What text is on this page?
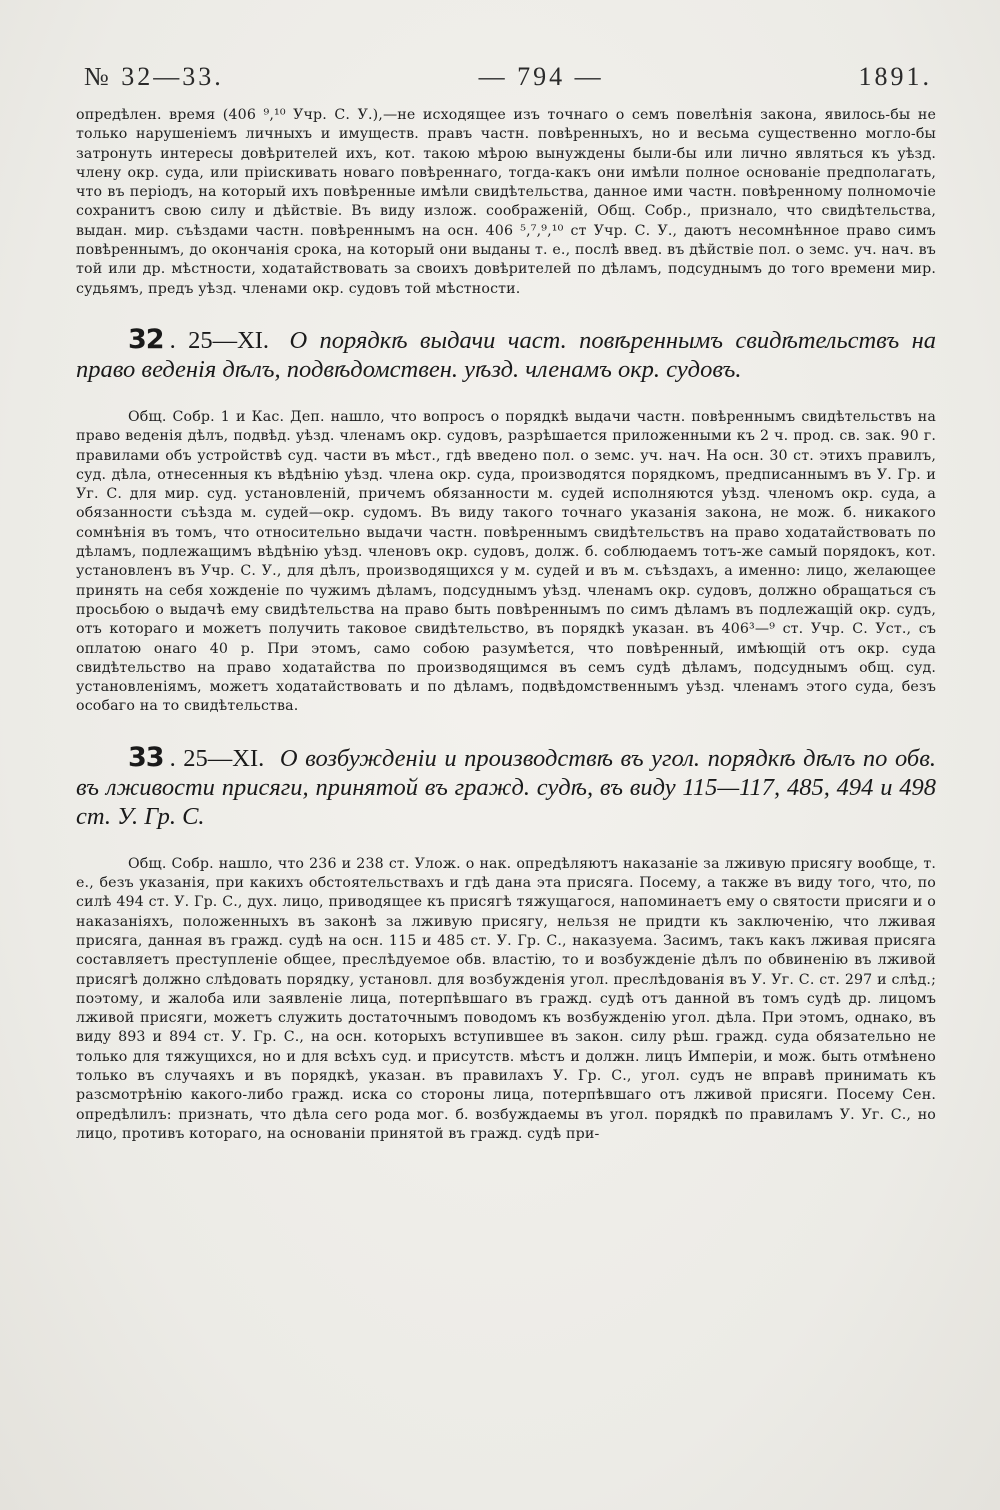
№ 32—33.	— 794 —	1891.

опредѣлен. время (406 ⁹,¹⁰ Учр. С. У.),—не исходящее изъ точнаго о семъ повелѣнія закона, явилось-бы не только нарушеніемъ личныхъ и имуществ. правъ частн. повѣренныхъ, но и весьма существенно могло-бы затронуть интересы довѣрителей ихъ, кот. такою мѣрою вынуждены были-бы или лично являться къ уѣзд. члену окр. суда, или пріискивать новаго повѣреннаго, тогда-какъ они имѣли полное основаніе предполагать, что въ періодъ, на который ихъ повѣренные имѣли свидѣтельства, данное ими частн. повѣренному полномочіе сохранитъ свою силу и дѣйствіе. Въ виду излож. соображеній, Общ. Собр., признало, что свидѣтельства, выдан. мир. съѣздами частн. повѣреннымъ на осн. 406 ⁵,⁷,⁹,¹⁰ ст Учр. С. У., даютъ несомнѣнное право симъ повѣреннымъ, до окончанія срока, на который они выданы т. е., послѣ введ. въ дѣйствіе пол. о земс. уч. нач. въ той или др. мѣстности, ходатайствовать за своихъ довѣрителей по дѣламъ, подсуднымъ до того времени мир. судьямъ, предъ уѣзд. членами окр. судовъ той мѣстности.

32 . 25—XI. О порядкѣ выдачи част. повѣреннымъ свидѣтельствъ на право веденія дѣлъ, подвѣдомствен. уѣзд. членамъ окр. судовъ.

Общ. Собр. 1 и Кас. Деп. нашло, что вопросъ о порядкѣ выдачи частн. повѣреннымъ свидѣтельствъ на право веденія дѣлъ, подвѣд. уѣзд. членамъ окр. судовъ, разрѣшается приложенными къ 2 ч. прод. св. зак. 90 г. правилами объ устройствѣ суд. части въ мѣст., гдѣ введено пол. о земс. уч. нач. На осн. 30 ст. этихъ правилъ, суд. дѣла, отнесенныя къ вѣдѣнію уѣзд. члена окр. суда, производятся порядкомъ, предписаннымъ въ У. Гр. и Уг. С. для мир. суд. установленій, причемъ обязанности м. судей исполняются уѣзд. членомъ окр. суда, а обязанности съѣзда м. судей—окр. судомъ. Въ виду такого точнаго указанія закона, не мож. б. никакого сомнѣнія въ томъ, что относительно выдачи частн. повѣреннымъ свидѣтельствъ на право ходатайствовать по дѣламъ, подлежащимъ вѣдѣнію уѣзд. членовъ окр. судовъ, долж. б. соблюдаемъ тотъ-же самый порядокъ, кот. установленъ въ Учр. С. У., для дѣлъ, производящихся у м. судей и въ м. съѣздахъ, а именно: лицо, желающее принять на себя хожденіе по чужимъ дѣламъ, подсуднымъ уѣзд. членамъ окр. судовъ, должно обращаться съ просьбою о выдачѣ ему свидѣтельства на право быть повѣреннымъ по симъ дѣламъ въ подлежащій окр. судъ, отъ котораго и можетъ получить таковое свидѣтельство, въ порядкѣ указан. въ 406³—⁹ ст. Учр. С. Уст., съ оплатою онаго 40 р. При этомъ, само собою разумѣется, что повѣренный, имѣющій отъ окр. суда свидѣтельство на право ходатайства по производящимся въ семъ судѣ дѣламъ, подсуднымъ общ. суд. установленіямъ, можетъ ходатайствовать и по дѣламъ, подвѣдомственнымъ уѣзд. членамъ этого суда, безъ особаго на то свидѣтельства.

33 . 25—XI. О возбужденіи и производствѣ въ угол. порядкѣ дѣлъ по обв. въ лживости присяги, принятой въ гражд. судѣ, въ виду 115—117, 485, 494 и 498 ст. У. Гр. С.

Общ. Собр. нашло, что 236 и 238 ст. Улож. о нак. опредѣляютъ наказаніе за лживую присягу вообще, т. е., безъ указанія, при какихъ обстоятельствахъ и гдѣ дана эта присяга. Посему, а также въ виду того, что, по силѣ 494 ст. У. Гр. С., дух. лицо, приводящее къ присягѣ тяжущагося, напоминаетъ ему о святости присяги и о наказаніяхъ, положенныхъ въ законѣ за лживую присягу, нельзя не придти къ заключенію, что лживая присяга, данная въ гражд. судѣ на осн. 115 и 485 ст. У. Гр. С., наказуема. Засимъ, такъ какъ лживая присяга составляетъ преступленіе общее, преслѣдуемое обв. властію, то и возбужденіе дѣлъ по обвиненію въ лживой присягѣ должно слѣдовать порядку, установл. для возбужденія угол. преслѣдованія въ У. Уг. С. ст. 297 и слѣд.; поэтому, и жалоба или заявленіе лица, потерпѣвшаго въ гражд. судѣ отъ данной въ томъ судѣ др. лицомъ лживой присяги, можетъ служить достаточнымъ поводомъ къ возбужденію угол. дѣла. При этомъ, однако, въ виду 893 и 894 ст. У. Гр. С., на осн. которыхъ вступившее въ закон. силу рѣш. гражд. суда обязательно не только для тяжущихся, но и для всѣхъ суд. и присутств. мѣстъ и должн. лицъ Имперіи, и мож. быть отмѣнено только въ случаяхъ и въ порядкѣ, указан. въ правилахъ У. Гр. С., угол. судъ не вправѣ принимать къ разсмотрѣнію какого-либо гражд. иска со стороны лица, потерпѣвшаго отъ лживой присяги. Посему Сен. опредѣлилъ: признать, что дѣла сего рода мог. б. возбуждаемы въ угол. порядкѣ по правиламъ У. Уг. С., но лицо, противъ котораго, на основаніи принятой въ гражд. судѣ при-
